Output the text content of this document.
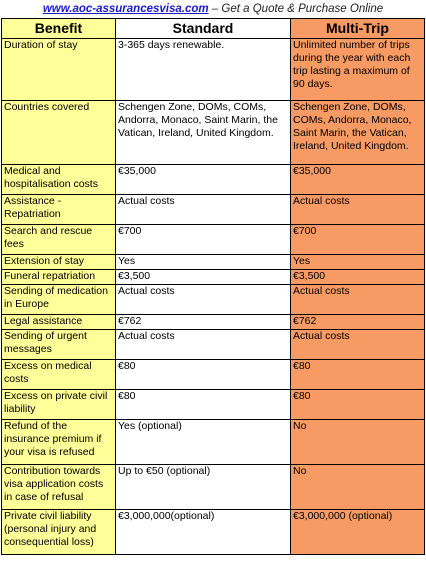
www.aoc-assurancesvisa.com – Get a Quote & Purchase Online
Benefit	Standard	Multi-Trip
Duration of stay	3-365 days renewable.	Unlimited number of trips during the year with each trip lasting a maximum of 90 days.
Countries covered	Schengen Zone, DOMs, COMs, Andorra, Monaco, Saint Marin, the Vatican, Ireland, United Kingdom.	Schengen Zone, DOMs, COMs, Andorra, Monaco, Saint Marin, the Vatican, Ireland, United Kingdom.
Medical and hospitalisation costs	€35,000	€35,000
Assistance - Repatriation	Actual costs	Actual costs
Search and rescue fees	€700	€700
Extension of stay	Yes	Yes
Funeral repatriation	€3,500	€3,500
Sending of medication in Europe	Actual costs	Actual costs
Legal assistance	€762	€762
Sending of urgent messages	Actual costs	Actual costs
Excess on medical costs	€80	€80
Excess on private civil liability	€80	€80
Refund of the insurance premium if your visa is refused	Yes (optional)	No
Contribution towards visa application costs in case of refusal	Up to €50 (optional)	No
Private civil liability (personal injury and consequential loss)	€3,000,000(optional)	€3,000,000 (optional)
